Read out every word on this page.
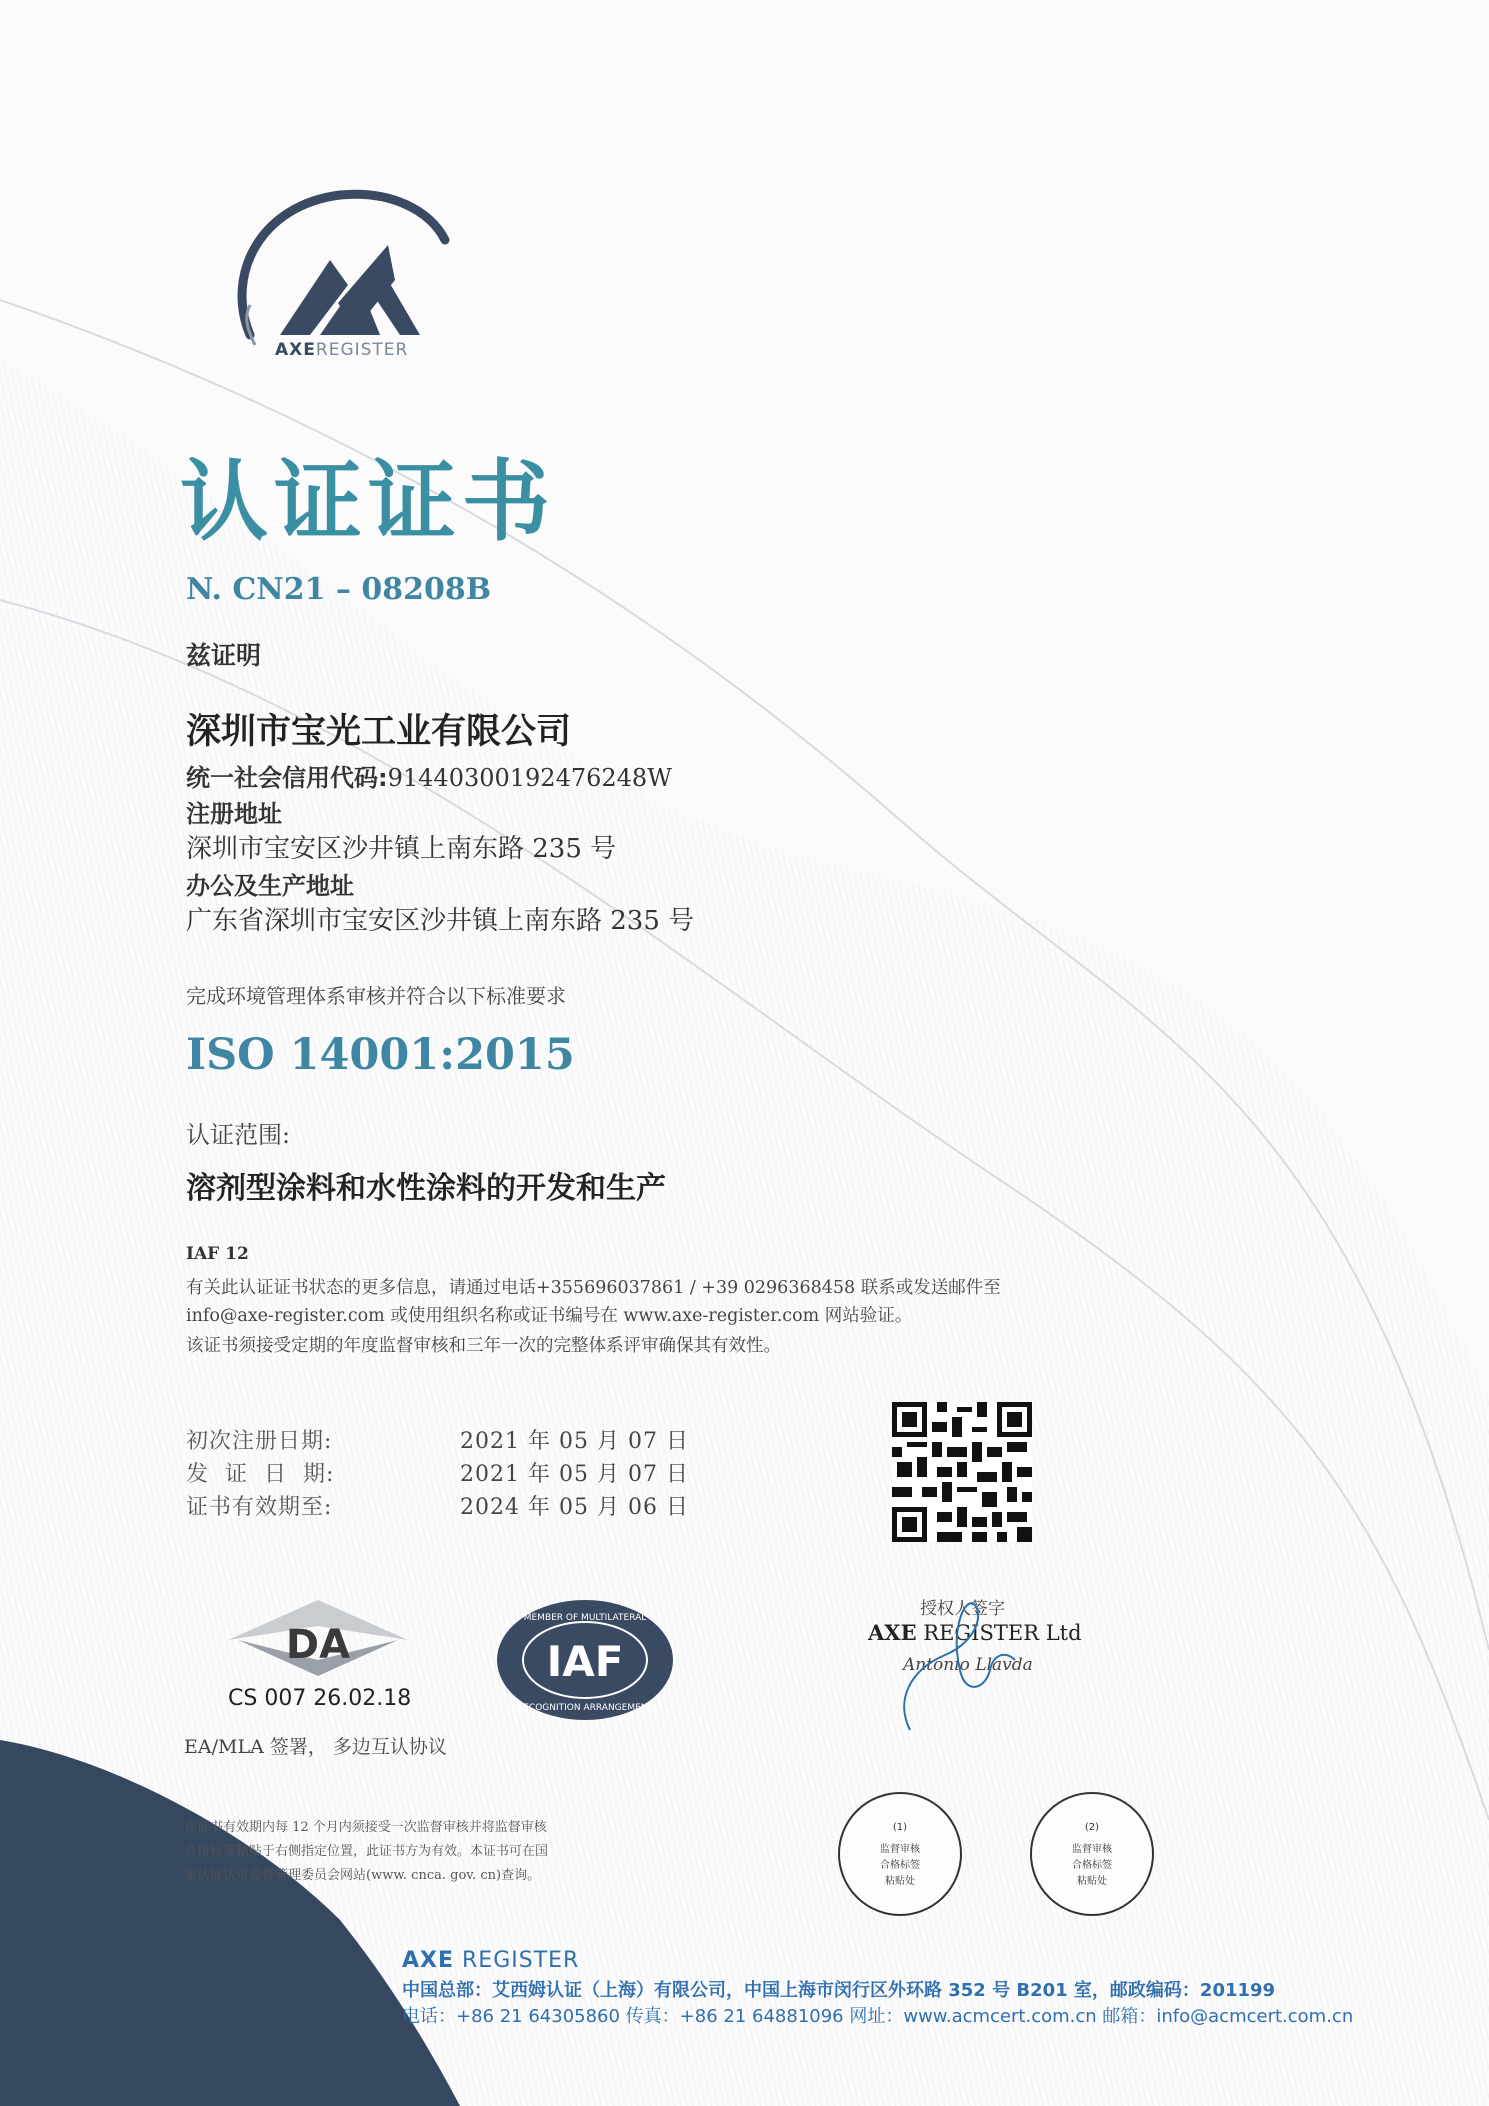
AXEREGISTER
认证证书
N. CN21 – 08208B
兹证明
深圳市宝光工业有限公司
统一社会信用代码:91440300192476248W
注册地址
深圳市宝安区沙井镇上南东路 235 号
办公及生产地址
广东省深圳市宝安区沙井镇上南东路 235 号
完成环境管理体系审核并符合以下标准要求
ISO 14001:2015
认证范围:
溶剂型涂料和水性涂料的开发和生产
IAF 12
有关此认证证书状态的更多信息，请通过电话+355696037861 / +39 0296368458 联系或发送邮件至
info@axe-register.com 或使用组织名称或证书编号在 www.axe-register.com 网站验证。
该证书须接受定期的年度监督审核和三年一次的完整体系评审确保其有效性。
初次注册日期:	2021 年 05 月 07 日
发  证  日  期:	2021 年 05 月 07 日
证书有效期至:	2024 年 05 月 06 日
DA
CS 007 26.02.18
IAF
MEMBER OF MULTILATERAL
RECOGNITION ARRANGEMENT
EA/MLA 签署， 多边互认协议
授权人签字
AXE REGISTER Ltd
Antonio Llavda
在证书有效期内每 12 个月内须接受一次监督审核并将监督审核
合格标签粘贴于右侧指定位置，此证书方为有效。本证书可在国
家认证认可监督管理委员会网站(www. cnca. gov. cn)查询。
(1)
监督审核
合格标签
粘贴处
(2)
监督审核
合格标签
粘贴处
AXE REGISTER
中国总部：艾西姆认证（上海）有限公司，中国上海市闵行区外环路 352 号 B201 室，邮政编码：201199
电话：+86 21 64305860 传真：+86 21 64881096 网址：www.acmcert.com.cn 邮箱：info@acmcert.com.cn
